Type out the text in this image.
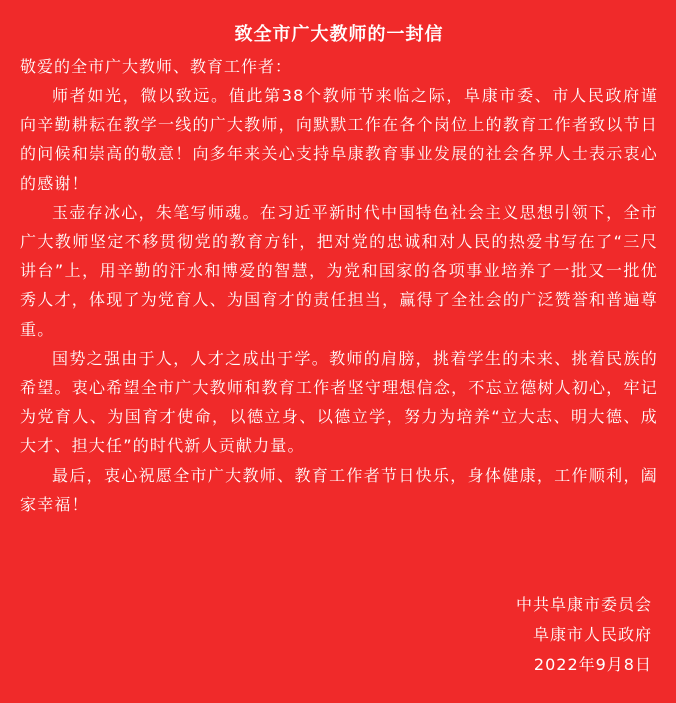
致全市广大教师的一封信

敬爱的全市广大教师、教育工作者：

师者如光，微以致远。值此第38个教师节来临之际，阜康市委、市人民政府谨向辛勤耕耘在教学一线的广大教师，向默默工作在各个岗位上的教育工作者致以节日的问候和崇高的敬意！向多年来关心支持阜康教育事业发展的社会各界人士表示衷心的感谢！

玉壶存冰心，朱笔写师魂。在习近平新时代中国特色社会主义思想引领下，全市广大教师坚定不移贯彻党的教育方针，把对党的忠诚和对人民的热爱书写在了“三尺讲台”上，用辛勤的汗水和博爱的智慧，为党和国家的各项事业培养了一批又一批优秀人才，体现了为党育人、为国育才的责任担当，赢得了全社会的广泛赞誉和普遍尊重。

国势之强由于人，人才之成出于学。教师的肩膀，挑着学生的未来、挑着民族的希望。衷心希望全市广大教师和教育工作者坚守理想信念，不忘立德树人初心，牢记为党育人、为国育才使命，以德立身、以德立学，努力为培养“立大志、明大德、成大才、担大任”的时代新人贡献力量。

最后，衷心祝愿全市广大教师、教育工作者节日快乐，身体健康，工作顺利，阖家幸福！

中共阜康市委员会
阜康市人民政府
2022年9月8日
